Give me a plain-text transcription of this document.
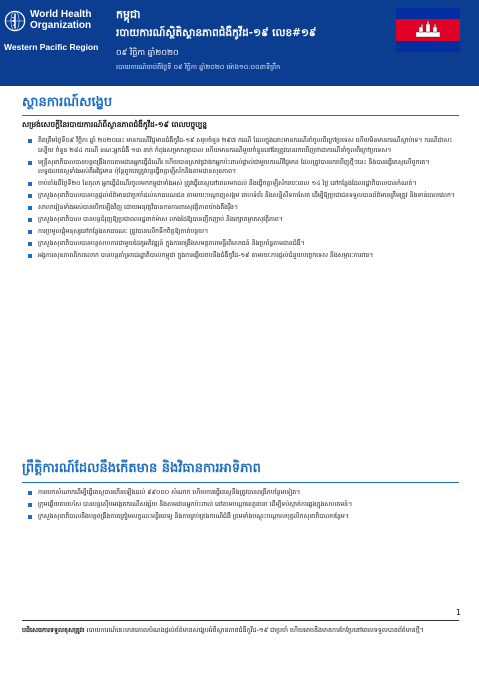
World Health
Organization
Western Pacific Region
កម្ពុជា
របាយការណ៍ស្ថិតិស្ថានភាពជំងឺកូវីដ-១៩ លេខ#១៩
០៩ វិច្ឆិកា ឆ្នាំ២០២០
របាយការណ៍ចាប់ពីថ្ងៃទី ០៩ វិច្ឆិកា ឆ្នាំ២០២០ ម៉ោង១០:០០នាទីព្រឹក
ស្ថានការណ៍សង្ខេប
សម្រង់សេចក្តីនៃរបាយការណ៍ពីស្ថានភាពជំងឺកូវីដ-១៩ ពេលបច្ចុប្បន្ន
គិតត្រឹមថ្ងៃទី០៩ វិច្ឆិកា ឆ្នាំ ២០២០នេះ មានករណីវិជ្ជមានជំងឺកូវីដ-១៩ សរុបចំនួន ២៩៧ ករណី ដែលក្នុងនោះមានករណីនាំចូលពីក្រៅប្រទេស ហើយមិនមានករណីស្លាប់ទេ។ ករណីជាសះស្បើយ ចំនួន ២៨៤ ករណី ខណៈអ្នកជំងឺ ១៣ នាក់ កំពុងសម្រាកព្យាបាល ហើយមានករណីមួយចំនួននៅតែត្រូវបានរកឃើញថាជាករណីនាំចូលពីក្រៅប្រទេស។
មន្ត្រីសុខាភិបាលបានបន្តពង្រឹងការតាមដានអ្នកធ្វើដំណើរ ហើយបានស្រាវជ្រាវរកអ្នកប៉ះពាល់ផ្ទាល់ជាមួយករណីវិជ្ជមាន ដែលត្រូវបានរកឃើញថ្មីៗនេះ និងបានធ្វើតេស្តលើពួកគេ។ លទ្ធផលតេស្តទាំងអស់គឺអវិជ្ជមាន ប៉ុន្តែពួកគេត្រូវបន្តធ្វើចត្តាឡីស័កនិងតាមដានសុខភាព។
ចាប់តាំងពីថ្ងៃទី២០ ខែតុលា អ្នកធ្វើដំណើរចូលមកកម្ពុជាទាំងអស់ ត្រូវធ្វើតេស្តនៅពេលមកដល់ និងធ្វើចត្តាឡីស័ករយៈពេល ១៤ ថ្ងៃ នៅកន្លែងដែលរដ្ឋាភិបាលបានកំណត់។
ក្រសួងសុខាភិបាលបានបន្តផ្តល់ព័ត៌មានជាប្រចាំដល់សាធារណជន តាមរយៈបណ្តាញសង្គម គេហទំព័រ និងសន្និសីទកាសែត ដើម្បីឱ្យប្រជាជនទទួលបានព័ត៌មានត្រឹមត្រូវ និងទាន់ពេលវេលា។
សាលារៀនទាំងអស់បានបើកឡើងវិញ ដោយអនុវត្តវិធានការការពារសុវត្ថិភាពយ៉ាងតឹងរ៉ឹង។
ក្រសួងសុខាភិបាល បានបន្តជំរុញឱ្យប្រជាពលរដ្ឋពាក់ម៉ាស លាងដៃឱ្យបានញឹកញាប់ និងរក្សាគម្លាតសុវត្ថិភាព។
ការប្រមូលផ្តុំមនុស្សនៅកន្លែងសាធារណៈ ត្រូវបានលើកទឹកចិត្តឱ្យកាត់បន្ថយ។
ក្រសួងសុខាភិបាលបានបន្តសហការជាមួយដៃគូអភិវឌ្ឍន៍ ក្នុងការពង្រឹងសមត្ថភាពមន្ទីរពិសោធន៍ និងប្រព័ន្ធតាមដានជំងឺ។
អង្គការសុខភាពពិភពលោក បានបន្តគាំទ្ររាជរដ្ឋាភិបាលកម្ពុជា ក្នុងការឆ្លើយតបនឹងជំងឺកូវីដ-១៩ តាមរយៈការផ្តល់ជំនួយបច្ចេកទេស និងសម្ភារៈការពារ។
ព្រឹត្តិការណ៍ដែលនឹងកើតមាន និងវិធានការអាទិភាព
ការយកសំណាកដើម្បីធ្វើតេស្តបានកើនឡើងដល់ ៩៩០០០ សំណាក ហើយការធ្វើតេស្តនឹងត្រូវបានពង្រីកបន្ថែមទៀត។
ក្រុមឆ្លើយតបរហ័ស បានបន្តស៊ើបអង្កេតករណីសង្ស័យ និងតាមដានអ្នកប៉ះពាល់ នៅតាមបណ្តាខេត្តនានា ដើម្បីទប់ស្កាត់ការឆ្លងក្នុងសហគមន៍។
ក្រសួងសុខាភិបាលនឹងបន្តពង្រឹងការត្រៀមលក្ខណៈមន្ទីរពេទ្យ និងការគ្រប់គ្រងករណីជំងឺ ព្រមទាំងបណ្តុះបណ្តាលបុគ្គលិកសុខាភិបាលបន្ថែម។
1
បដិសេធការទទួលខុសត្រូវ៖ របាយការណ៍នេះមានគោលបំណងផ្តល់ព័ត៌មានសង្ខេបអំពីស្ថានភាពជំងឺកូវីដ-១៩ ជាប្រចាំ ហើយអាចនឹងមានការកែប្រែនៅពេលទទួលបានព័ត៌មានថ្មី។
